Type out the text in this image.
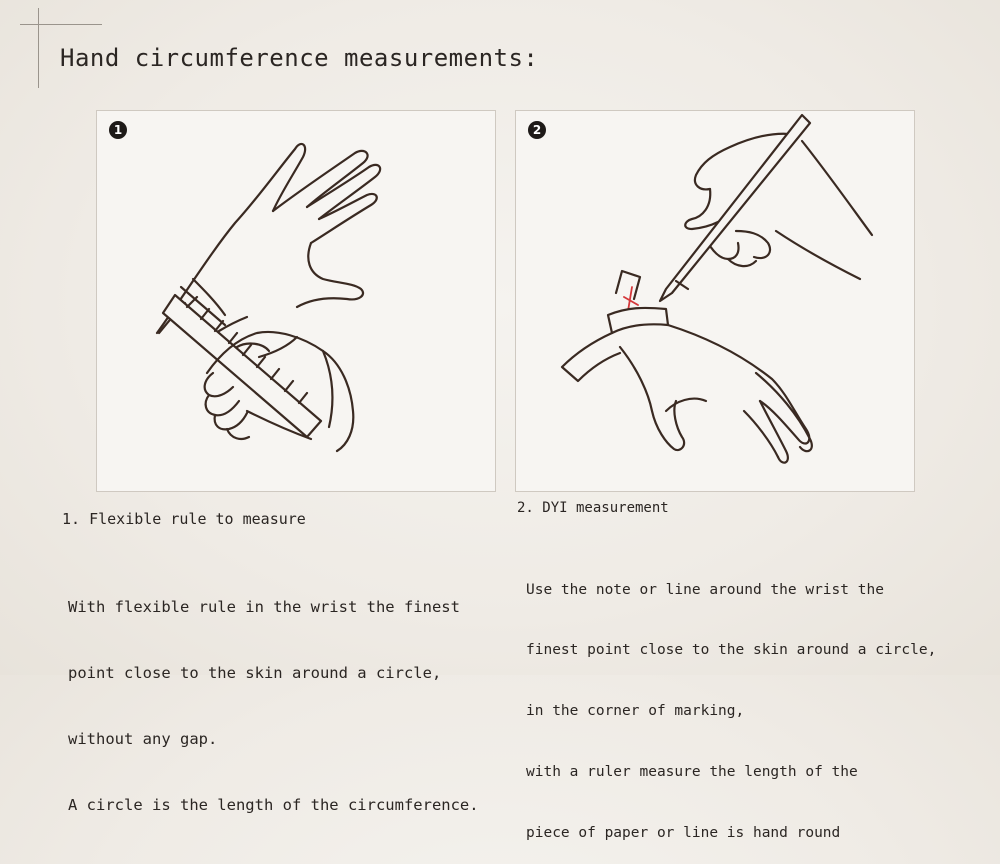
Hand circumference measurements:
1	2
1. Flexible rule to measure

With flexible rule in the wrist the finest

point close to the skin around a circle,

without any gap.

A circle is the length of the circumference.

2. DYI measurement

Use the note or line around the wrist the

finest point close to the skin around a circle,

in the corner of marking,

with a ruler measure the length of the

piece of paper or line is hand round
